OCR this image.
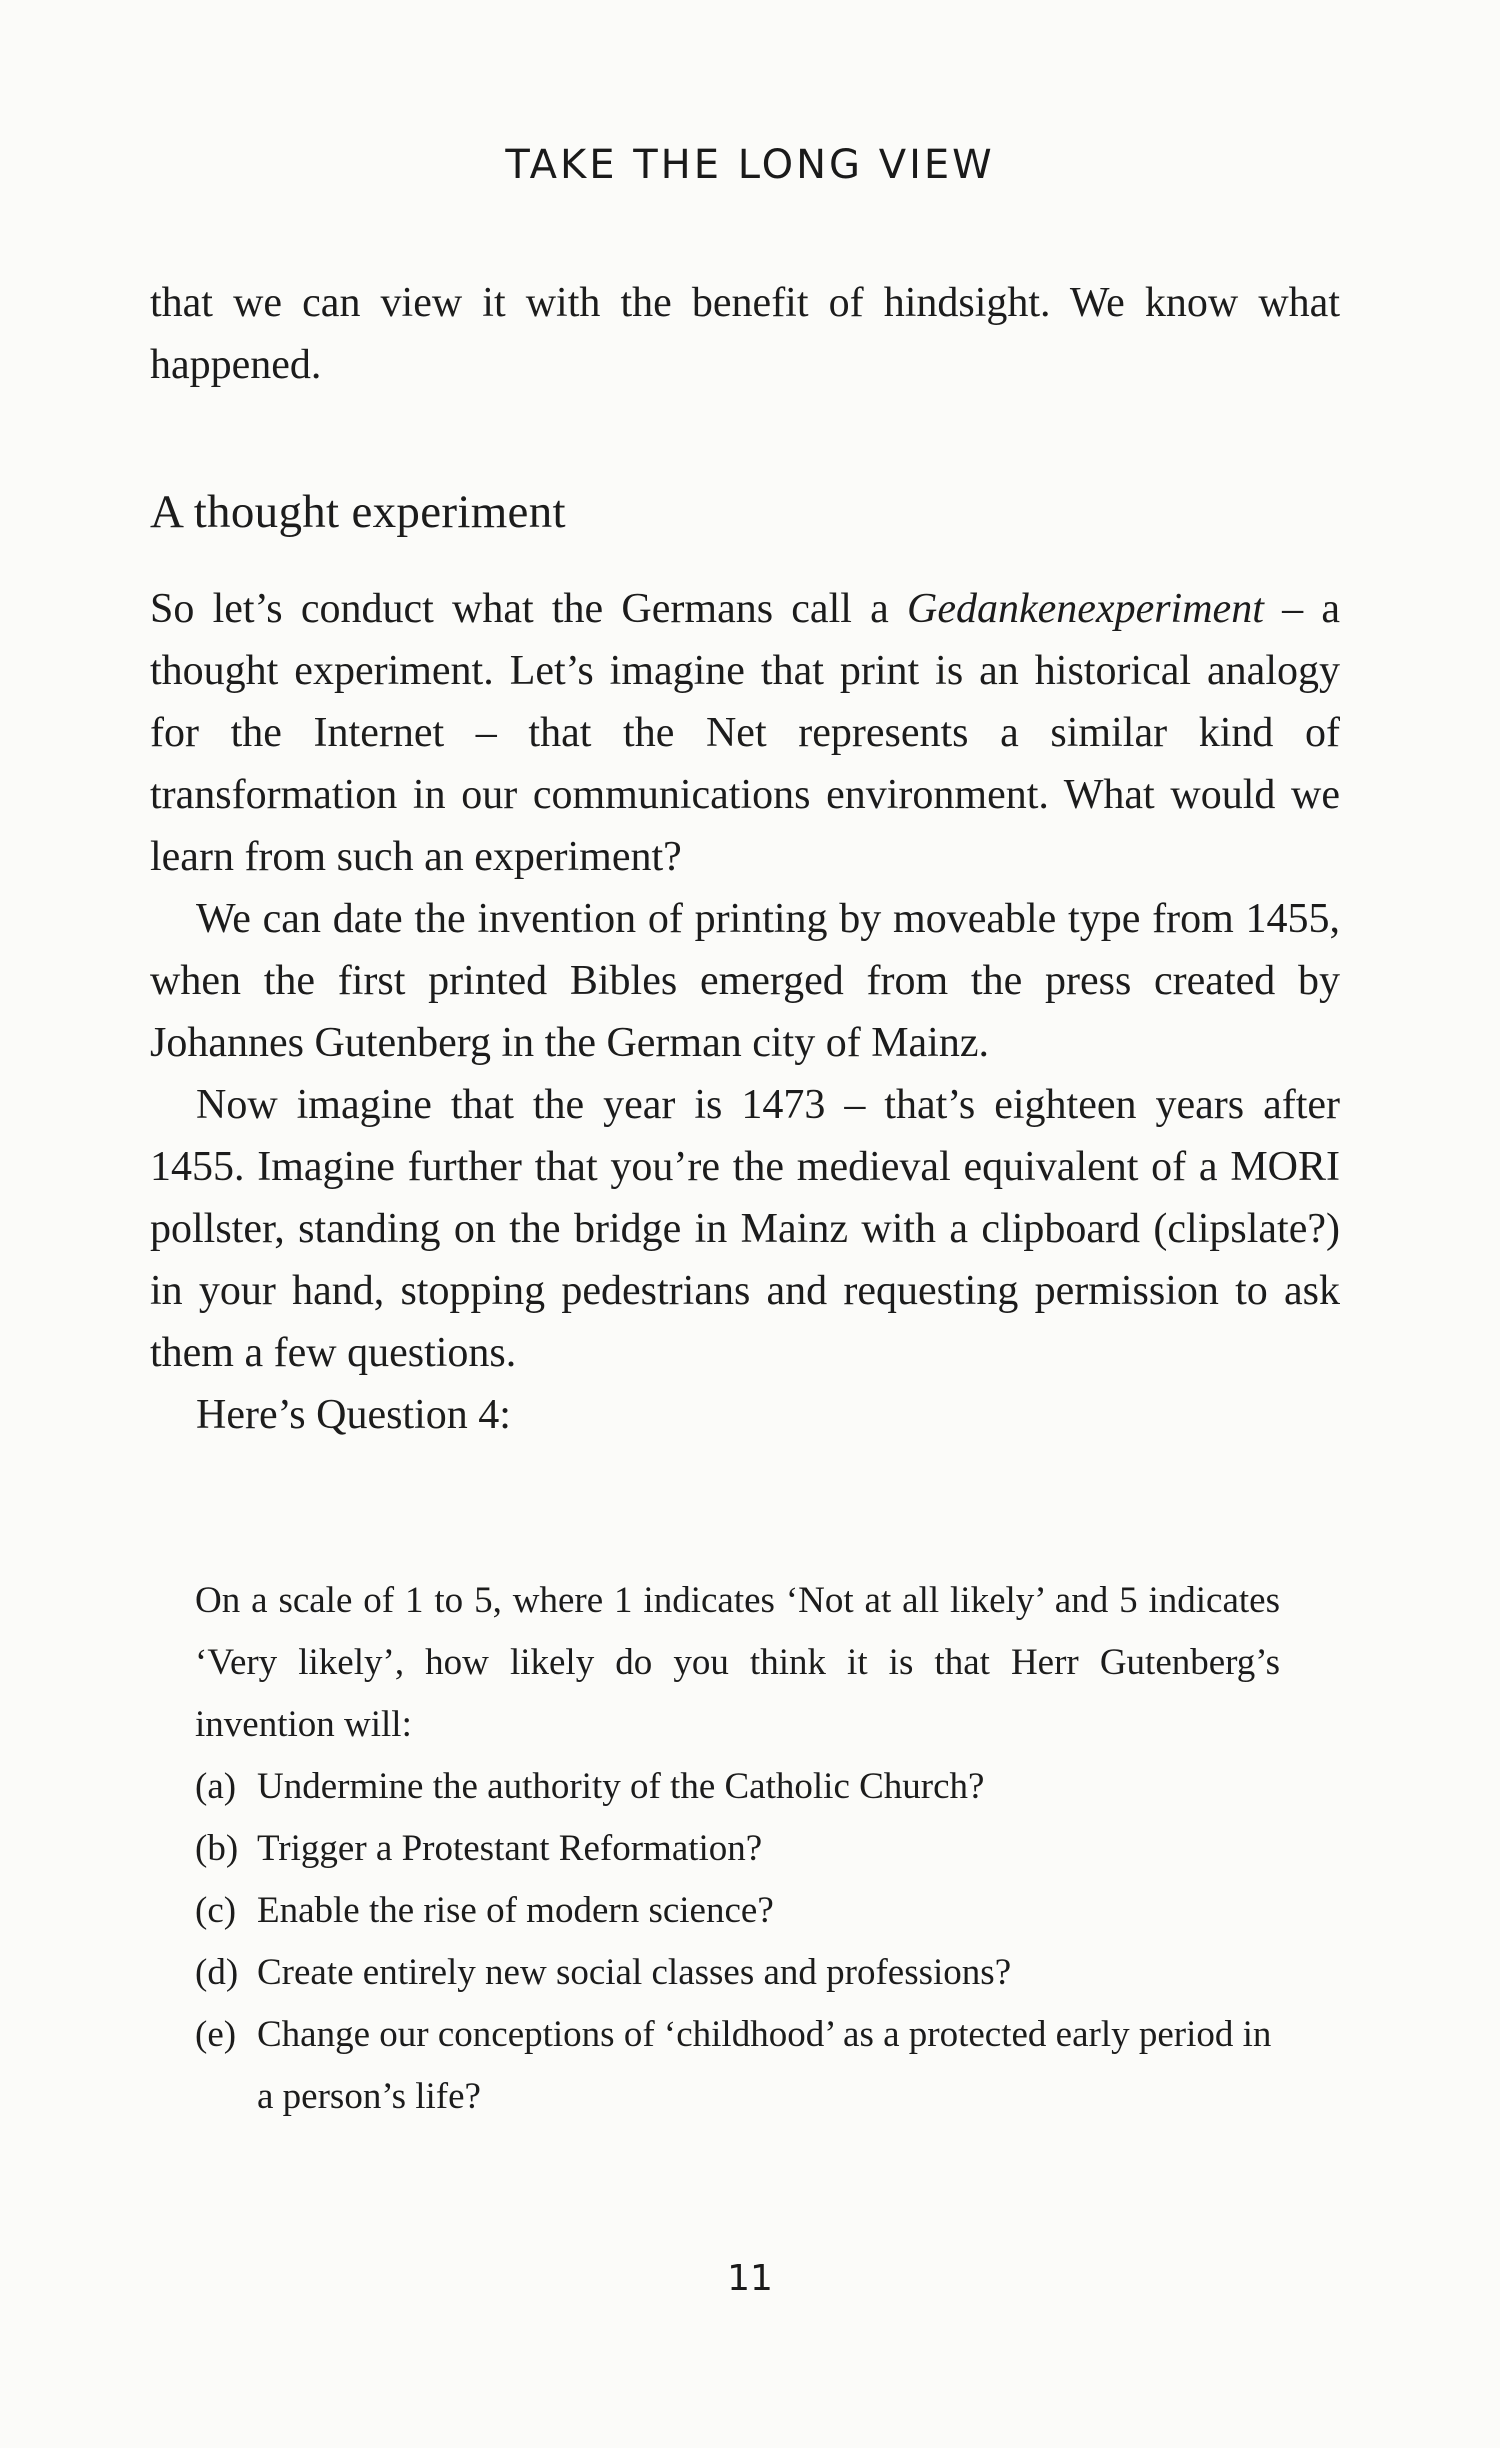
TAKE THE LONG VIEW

that we can view it with the benefit of hindsight. We know what happened.

A thought experiment

So let’s conduct what the Germans call a Gedankenexperiment – a thought experiment. Let’s imagine that print is an historical analogy for the Internet – that the Net represents a similar kind of transformation in our communications environment. What would we learn from such an experiment?

We can date the invention of printing by moveable type from 1455, when the first printed Bibles emerged from the press created by Johannes Gutenberg in the German city of Mainz.

Now imagine that the year is 1473 – that’s eighteen years after 1455. Imagine further that you’re the medieval equivalent of a MORI pollster, standing on the bridge in Mainz with a clipboard (clipslate?) in your hand, stopping pedestrians and requesting permission to ask them a few questions.

Here’s Question 4:

On a scale of 1 to 5, where 1 indicates ‘Not at all likely’ and 5 indicates ‘Very likely’, how likely do you think it is that Herr Gutenberg’s invention will:

(a) Undermine the authority of the Catholic Church?
(b) Trigger a Protestant Reformation?
(c) Enable the rise of modern science?
(d) Create entirely new social classes and professions?
(e) Change our conceptions of ‘childhood’ as a protected early period in a person’s life?
11
